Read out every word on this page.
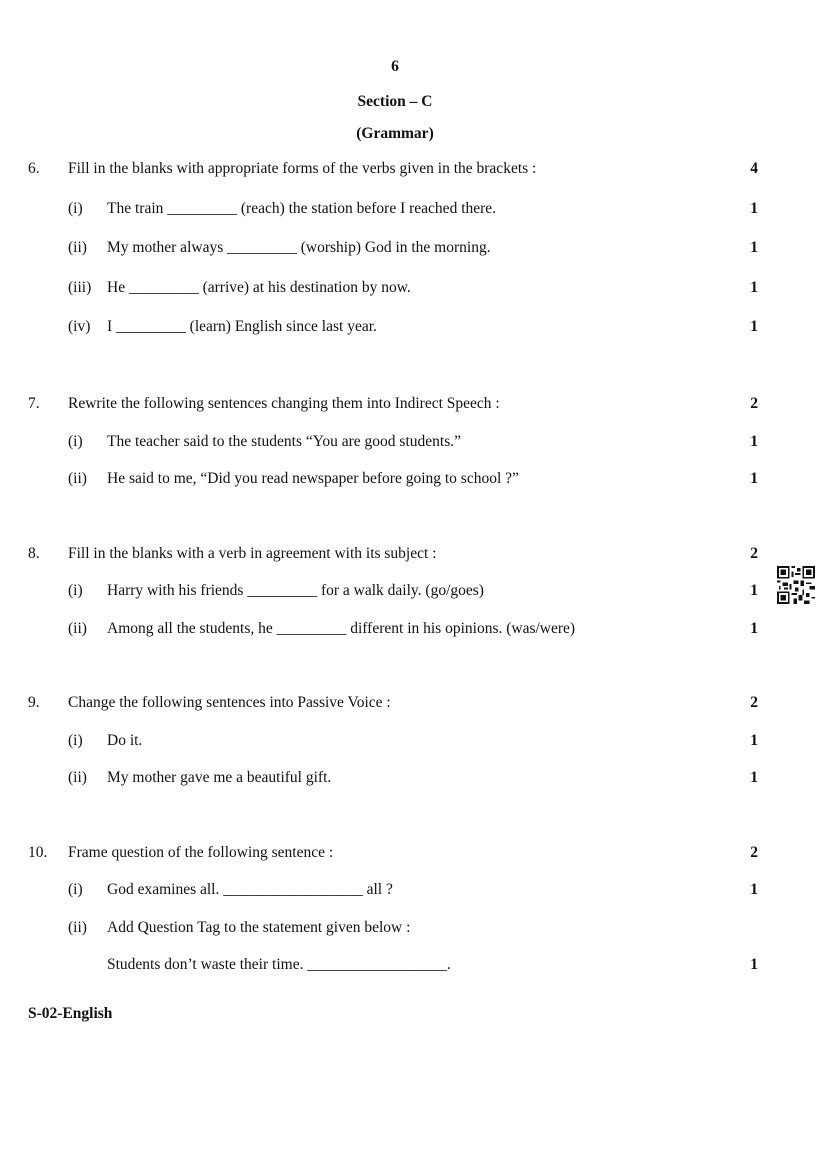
6
Section – C
(Grammar)
6. Fill in the blanks with appropriate forms of the verbs given in the brackets :	4
(i) The train _________ (reach) the station before I reached there.	1
(ii) My mother always _________ (worship) God in the morning.	1
(iii) He _________ (arrive) at his destination by now.	1
(iv) I _________ (learn) English since last year.	1
7. Rewrite the following sentences changing them into Indirect Speech :	2
(i) The teacher said to the students “You are good students.”	1
(ii) He said to me, “Did you read newspaper before going to school ?”	1
8. Fill in the blanks with a verb in agreement with its subject :	2
(i) Harry with his friends _________ for a walk daily. (go/goes)	1
(ii) Among all the students, he _________ different in his opinions. (was/were)	1
9. Change the following sentences into Passive Voice :	2
(i) Do it.	1
(ii) My mother gave me a beautiful gift.	1
10. Frame question of the following sentence :	2
(i) God examines all. __________________ all ?	1
(ii) Add Question Tag to the statement given below :
Students don’t waste their time. __________________.	1
S-02-English
